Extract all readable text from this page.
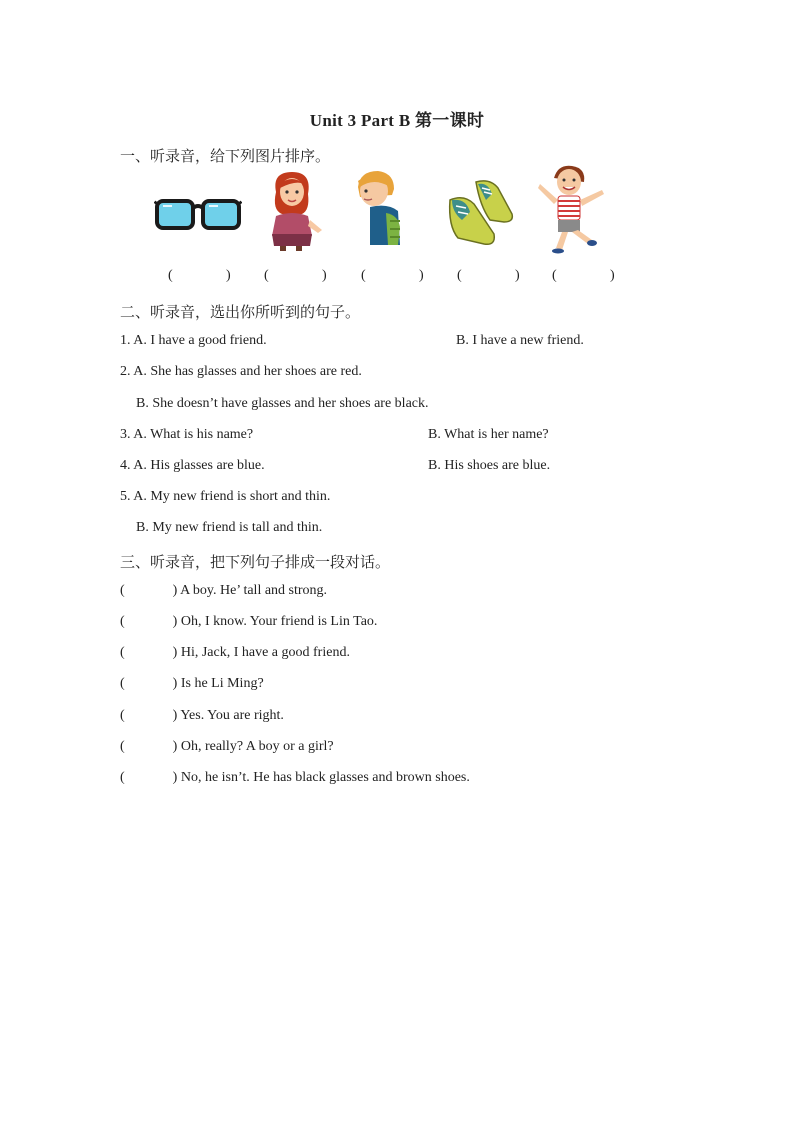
Unit 3 Part B 第一课时
一、听录音，给下列图片排序。
(	) (	) (	) (	) (	)
二、听录音，选出你所听到的句子。
1. A. I have a good friend.	B. I have a new friend.
2. A. She has glasses and her shoes are red.
B. She doesn’t have glasses and her shoes are black.
3. A. What is his name?	B. What is her name?
4. A. His glasses are blue.	B. His shoes are blue.
5. A. My new friend is short and thin.
B. My new friend is tall and thin.
三、听录音，把下列句子排成一段对话。
(	) A boy. He’ tall and strong.
(	) Oh, I know. Your friend is Lin Tao.
(	) Hi, Jack, I have a good friend.
(	) Is he Li Ming?
(	) Yes. You are right.
(	) Oh, really? A boy or a girl?
(	) No, he isn’t. He has black glasses and brown shoes.
